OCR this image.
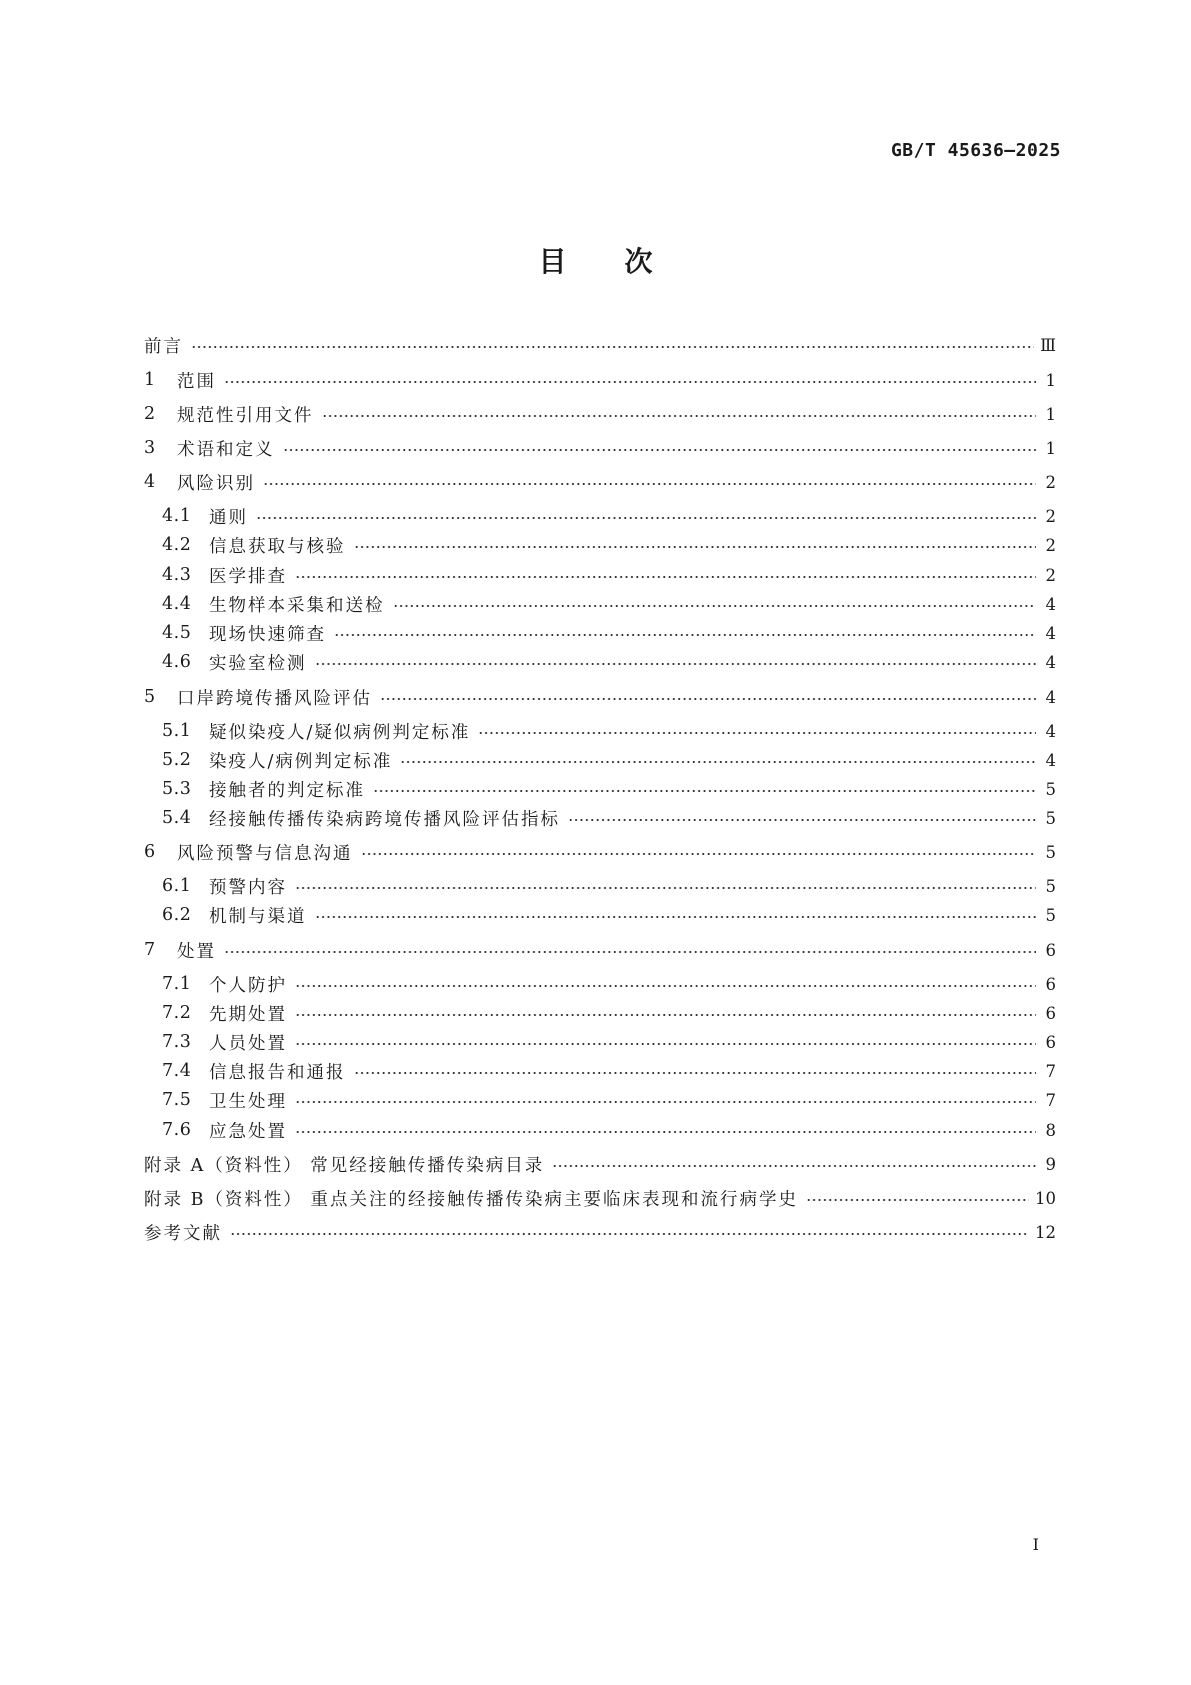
GB/T 45636—2025
目次
前言	Ⅲ
1	范围	1
2	规范性引用文件	1
3	术语和定义	1
4	风险识别	2
4.1	通则	2
4.2	信息获取与核验	2
4.3	医学排查	2
4.4	生物样本采集和送检	4
4.5	现场快速筛查	4
4.6	实验室检测	4
5	口岸跨境传播风险评估	4
5.1	疑似染疫人/疑似病例判定标准	4
5.2	染疫人/病例判定标准	4
5.3	接触者的判定标准	5
5.4	经接触传播传染病跨境传播风险评估指标	5
6	风险预警与信息沟通	5
6.1	预警内容	5
6.2	机制与渠道	5
7	处置	6
7.1	个人防护	6
7.2	先期处置	6
7.3	人员处置	6
7.4	信息报告和通报	7
7.5	卫生处理	7
7.6	应急处置	8
附录 A（资料性） 常见经接触传播传染病目录	9
附录 B（资料性） 重点关注的经接触传播传染病主要临床表现和流行病学史	10
参考文献	12
I
